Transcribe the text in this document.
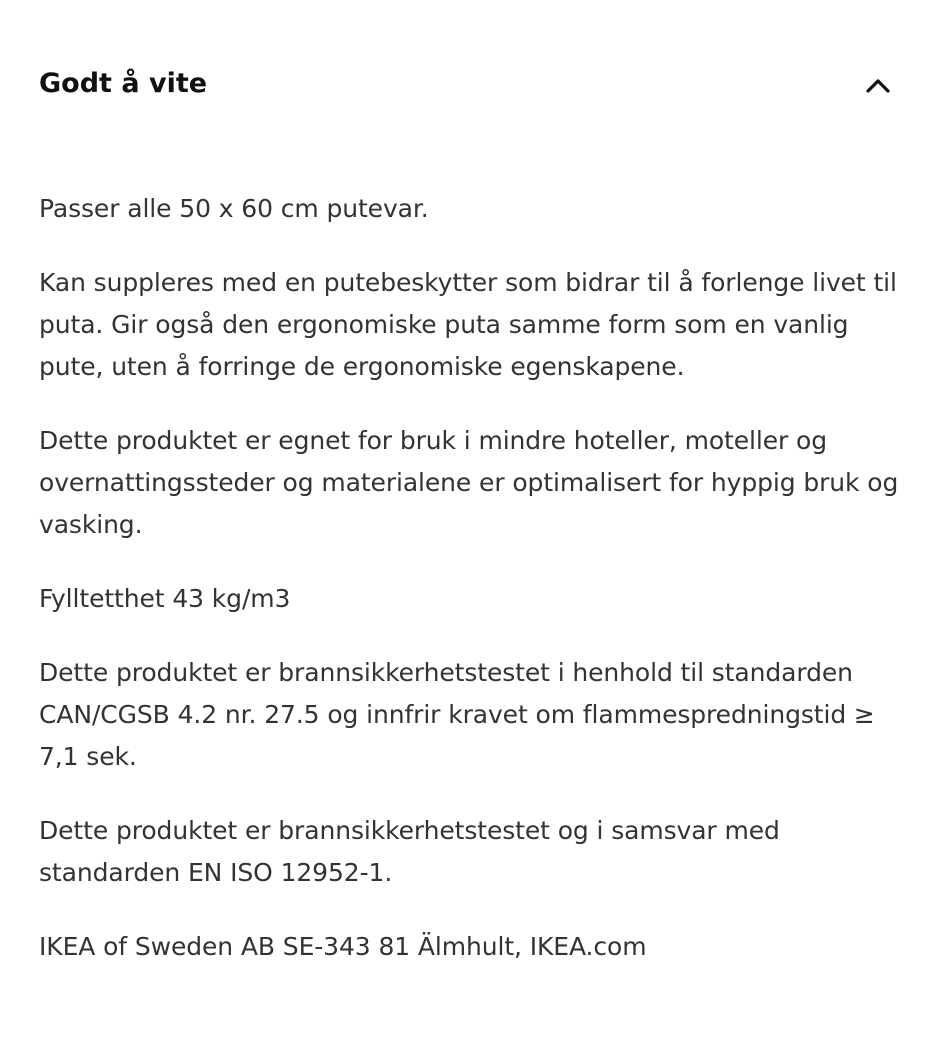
Godt å vite

Passer alle 50 x 60 cm putevar.

Kan suppleres med en putebeskytter som bidrar til å forlenge livet til puta. Gir også den ergonomiske puta samme form som en vanlig pute, uten å forringe de ergonomiske egenskapene.

Dette produktet er egnet for bruk i mindre hoteller, moteller og overnattingssteder og materialene er optimalisert for hyppig bruk og vasking.

Fylltetthet 43 kg/m3

Dette produktet er brannsikkerhetstestet i henhold til standarden CAN/CGSB 4.2 nr. 27.5 og innfrir kravet om flammespredningstid ≥ 7,1 sek.

Dette produktet er brannsikkerhetstestet og i samsvar med standarden EN ISO 12952-1.

IKEA of Sweden AB SE-343 81 Älmhult, IKEA.com
